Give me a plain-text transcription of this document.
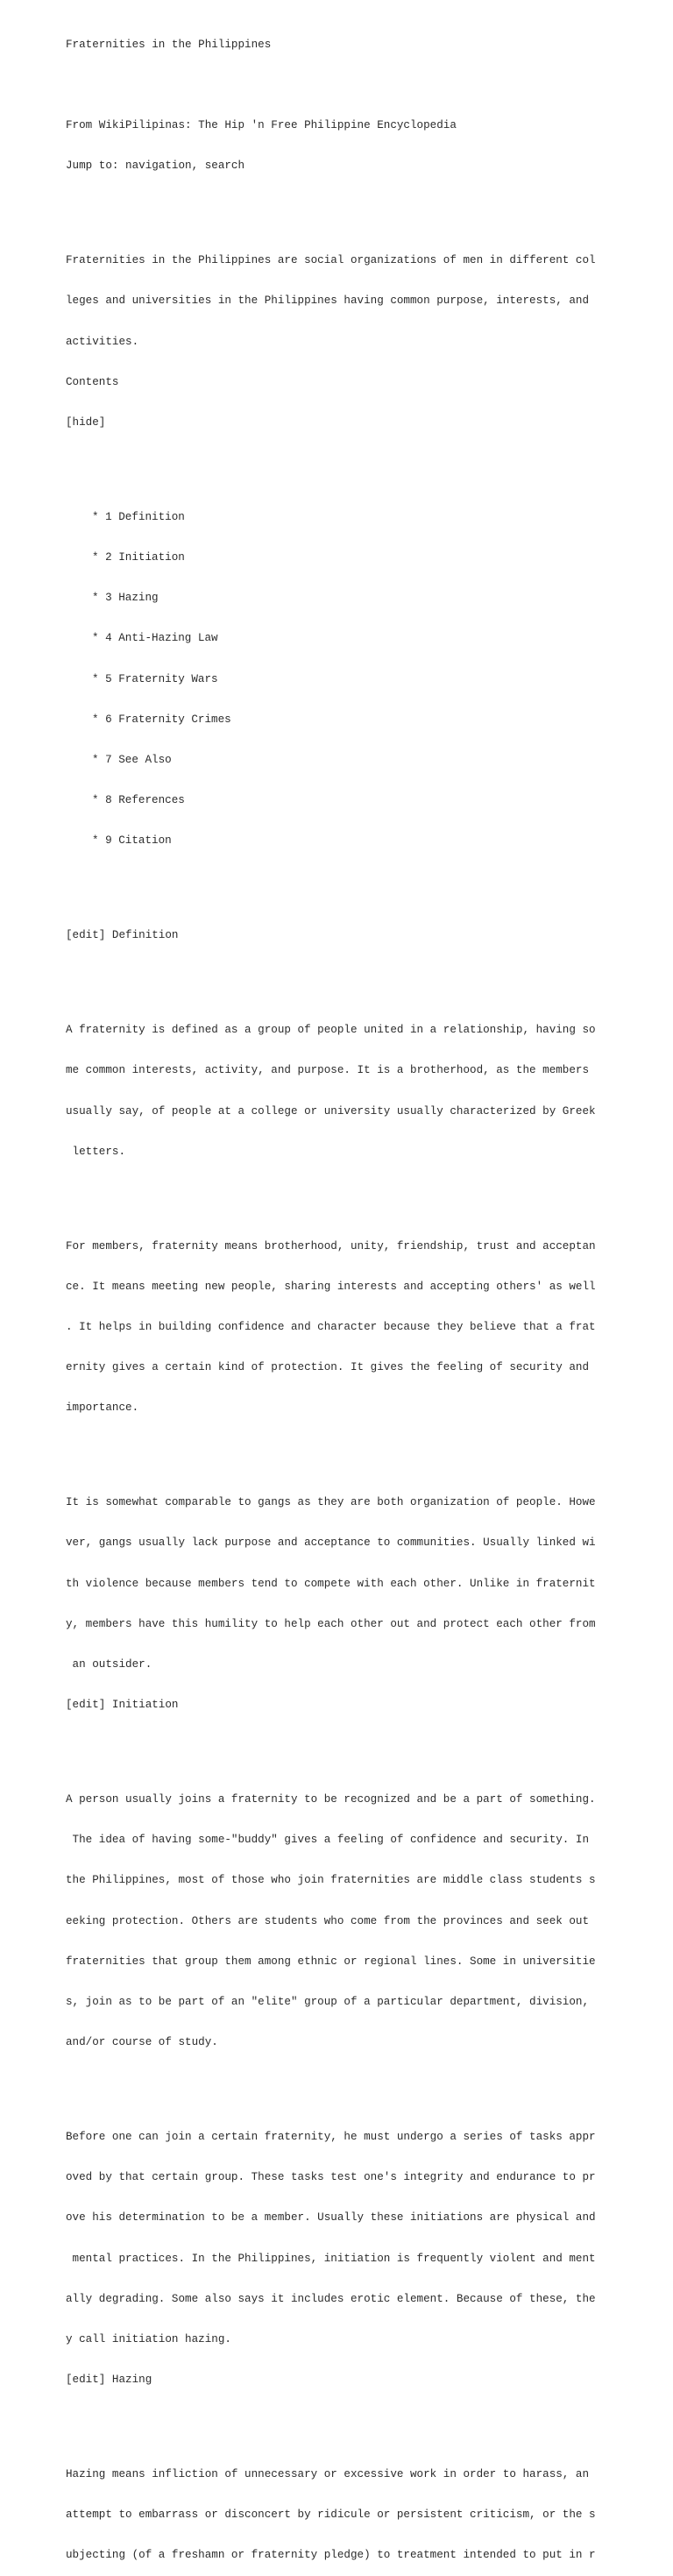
Fraternities in the Philippines

From WikiPilipinas: The Hip 'n Free Philippine Encyclopedia

Jump to: navigation, search

Fraternities in the Philippines are social organizations of men in different col

leges and universities in the Philippines having common purpose, interests, and

activities.

Contents

[hide]

* 1 Definition

* 2 Initiation

* 3 Hazing

* 4 Anti-Hazing Law

* 5 Fraternity Wars

* 6 Fraternity Crimes

* 7 See Also

* 8 References

* 9 Citation

[edit] Definition

A fraternity is defined as a group of people united in a relationship, having so

me common interests, activity, and purpose. It is a brotherhood, as the members

usually say, of people at a college or university usually characterized by Greek

letters.

For members, fraternity means brotherhood, unity, friendship, trust and acceptan

ce. It means meeting new people, sharing interests and accepting others' as well

. It helps in building confidence and character because they believe that a frat

ernity gives a certain kind of protection. It gives the feeling of security and

importance.

It is somewhat comparable to gangs as they are both organization of people. Howe

ver, gangs usually lack purpose and acceptance to communities. Usually linked wi

th violence because members tend to compete with each other. Unlike in fraternit

y, members have this humility to help each other out and protect each other from

an outsider.

[edit] Initiation

A person usually joins a fraternity to be recognized and be a part of something.

The idea of having some-"buddy" gives a feeling of confidence and security. In

the Philippines, most of those who join fraternities are middle class students s

eeking protection. Others are students who come from the provinces and seek out

fraternities that group them among ethnic or regional lines. Some in universitie

s, join as to be part of an "elite" group of a particular department, division,

and/or course of study.

Before one can join a certain fraternity, he must undergo a series of tasks appr

oved by that certain group. These tasks test one's integrity and endurance to pr

ove his determination to be a member. Usually these initiations are physical and

mental practices. In the Philippines, initiation is frequently violent and ment

ally degrading. Some also says it includes erotic element. Because of these, the

y call initiation hazing.

[edit] Hazing

Hazing means infliction of unnecessary or excessive work in order to harass, an

attempt to embarrass or disconcert by ridicule or persistent criticism, or the s

ubjecting (of a freshamn or fraternity pledge) to treatment intended to put in r
